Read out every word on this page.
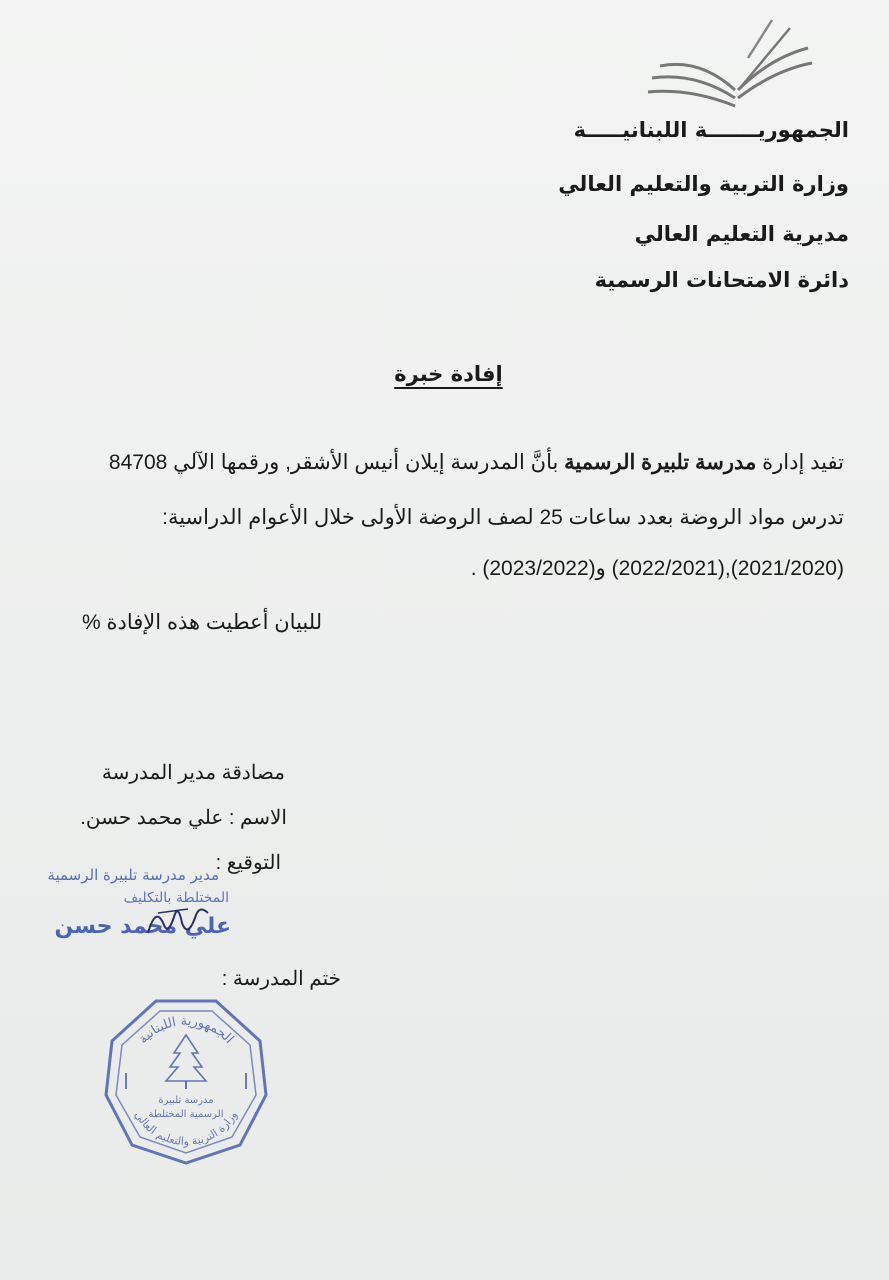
الجمهوريـــــــة اللبنانيـــــة
وزارة التربية والتعليم العالي
مديرية التعليم العالي
دائرة الامتحانات الرسمية
إفادة خبرة
تفيد إدارة مدرسة تلبيرة الرسمية بأنَّ المدرسة إيلان أنيس الأشقر, ورقمها الآلي 84708
تدرس مواد الروضة بعدد ساعات 25 لصف الروضة الأولى خلال الأعوام الدراسية:
(2021/2020),(2022/2021) و(2023/2022) .
للبيان أعطيت هذه الإفادة %
مصادقة مدير المدرسة
الاسم : علي محمد حسن.
التوقيع :
مدير مدرسة تلبيرة الرسمية
المختلطة بالتكليف
علي محمد حسن
ختم المدرسة :
الجمهورية اللبنانية
وزارة التربية والتعليم العالي
مدرسة تلبيرة
الرسمية المختلطة
